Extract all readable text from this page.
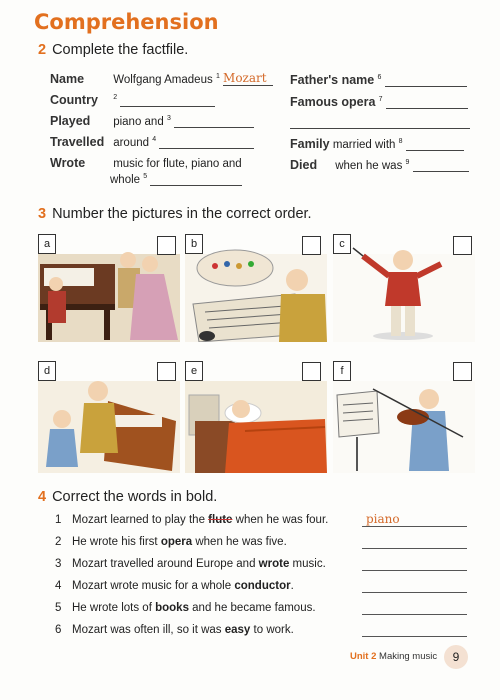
Comprehension
2 Complete the factfile.
Name	Wolfgang Amadeus $^1$ Mozart
Country $^2$
Played piano and $^3$
Travelled around $^4$
Wrote music for flute, piano and
whole $^5$
Father's name $^6$
Famous opera $^7$
Family married with $^8$
Died when he was $^9$
3 Number the pictures in the correct order.
a	b	c
d	e	f
4 Correct the words in bold.
1 Mozart learned to play the flute when he was four.	piano
2 He wrote his first opera when he was five.
3 Mozart travelled around Europe and wrote music.
4 Mozart wrote music for a whole conductor.
5 He wrote lots of books and he became famous.
6 Mozart was often ill, so it was easy to work.
Unit 2 Making music	9
